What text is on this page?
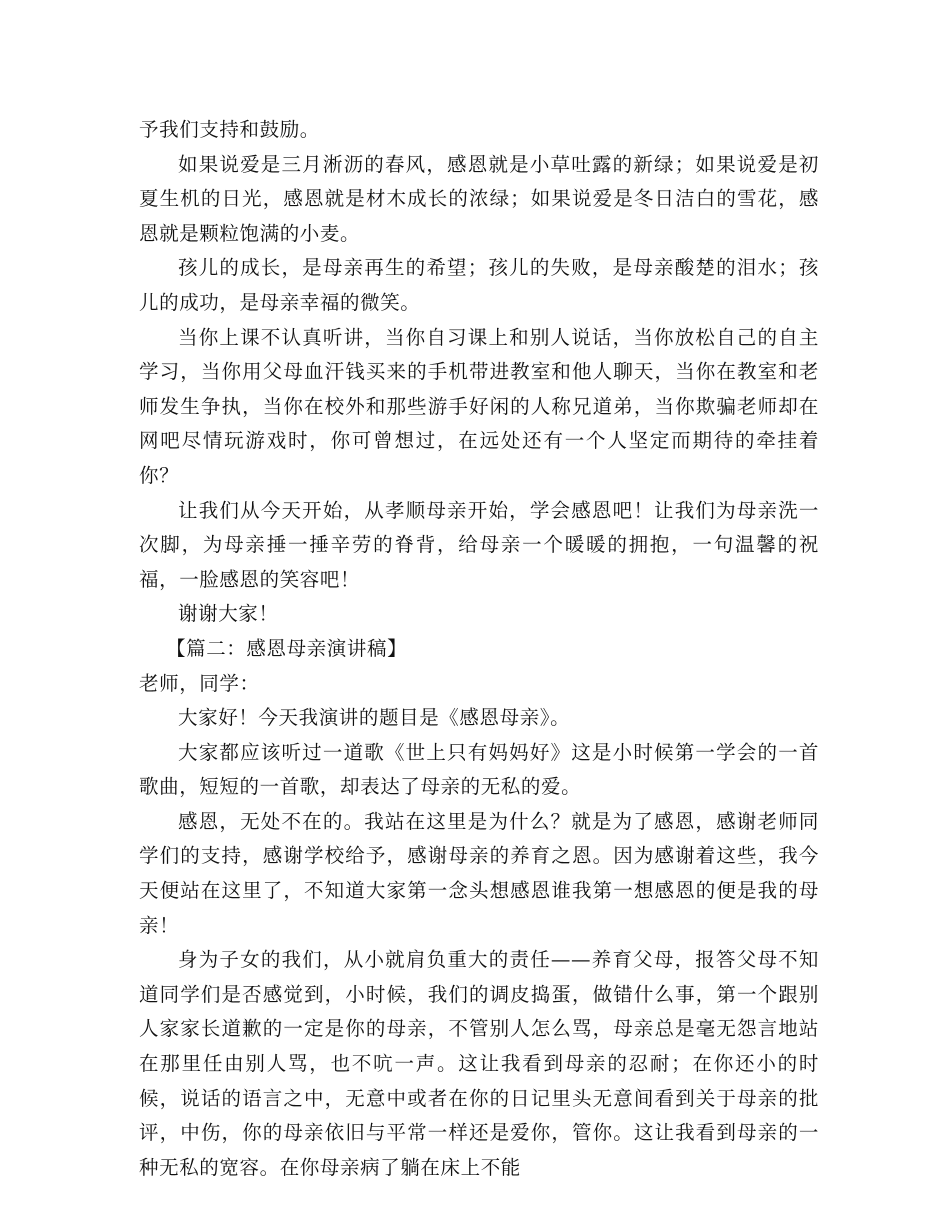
予我们支持和鼓励。

如果说爱是三月淅沥的春风，感恩就是小草吐露的新绿；如果说爱是初夏生机的日光，感恩就是材木成长的浓绿；如果说爱是冬日洁白的雪花，感恩就是颗粒饱满的小麦。

孩儿的成长，是母亲再生的希望；孩儿的失败，是母亲酸楚的泪水；孩儿的成功，是母亲幸福的微笑。

当你上课不认真听讲，当你自习课上和别人说话，当你放松自己的自主学习，当你用父母血汗钱买来的手机带进教室和他人聊天，当你在教室和老师发生争执，当你在校外和那些游手好闲的人称兄道弟，当你欺骗老师却在网吧尽情玩游戏时，你可曾想过，在远处还有一个人坚定而期待的牵挂着你？

让我们从今天开始，从孝顺母亲开始，学会感恩吧！让我们为母亲洗一次脚，为母亲捶一捶辛劳的脊背，给母亲一个暖暖的拥抱，一句温馨的祝福，一脸感恩的笑容吧！

谢谢大家！

【篇二：感恩母亲演讲稿】

老师，同学：

大家好！今天我演讲的题目是《感恩母亲》。

大家都应该听过一道歌《世上只有妈妈好》这是小时候第一学会的一首歌曲，短短的一首歌，却表达了母亲的无私的爱。

感恩，无处不在的。我站在这里是为什么？就是为了感恩，感谢老师同学们的支持，感谢学校给予，感谢母亲的养育之恩。因为感谢着这些，我今天便站在这里了，不知道大家第一念头想感恩谁我第一想感恩的便是我的母亲！

身为子女的我们，从小就肩负重大的责任——养育父母，报答父母不知道同学们是否感觉到，小时候，我们的调皮捣蛋，做错什么事，第一个跟别人家家长道歉的一定是你的母亲，不管别人怎么骂，母亲总是毫无怨言地站在那里任由别人骂，也不吭一声。这让我看到母亲的忍耐；在你还小的时候，说话的语言之中，无意中或者在你的日记里头无意间看到关于母亲的批评，中伤，你的母亲依旧与平常一样还是爱你，管你。这让我看到母亲的一种无私的宽容。在你母亲病了躺在床上不能
